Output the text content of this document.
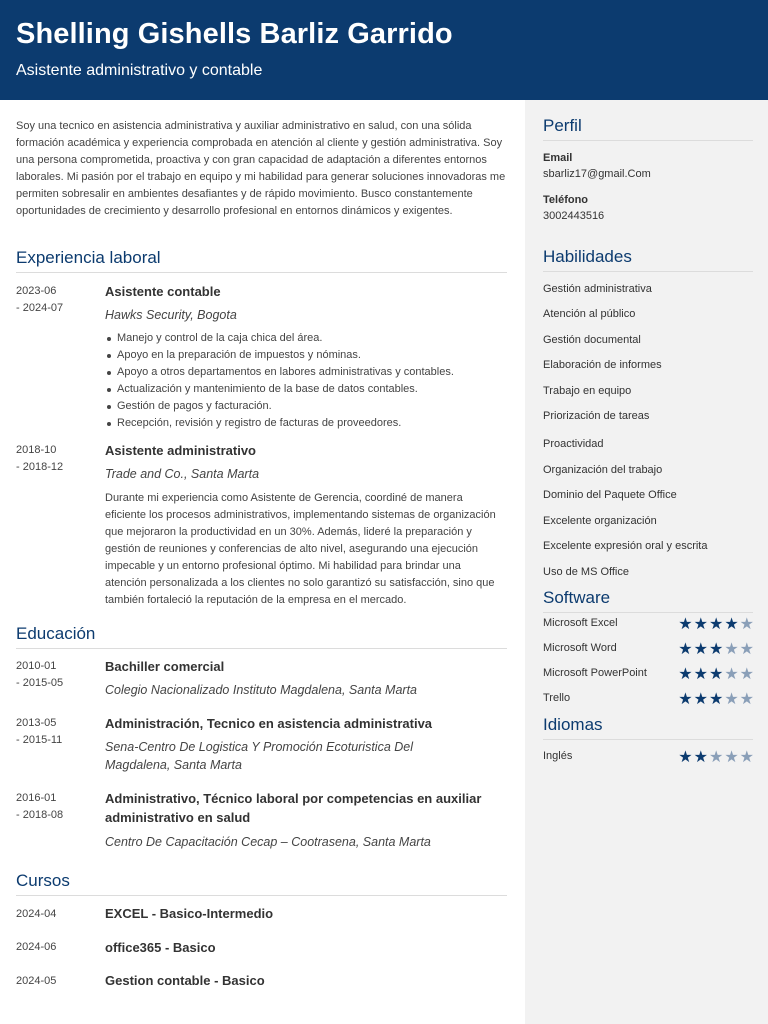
Shelling Gishells Barliz Garrido
Asistente administrativo y contable
Soy una tecnico en asistencia administrativa y auxiliar administrativo en salud, con una sólida formación académica y experiencia comprobada en atención al cliente y gestión administrativa. Soy una persona comprometida, proactiva y con gran capacidad de adaptación a diferentes entornos laborales. Mi pasión por el trabajo en equipo y mi habilidad para generar soluciones innovadoras me permiten sobresalir en ambientes desafiantes y de rápido movimiento. Busco constantemente oportunidades de crecimiento y desarrollo profesional en entornos dinámicos y exigentes.
Experiencia laboral
2023-06
- 2024-07
Asistente contable
Hawks Security, Bogota
Manejo y control de la caja chica del área.
Apoyo en la preparación de impuestos y nóminas.
Apoyo a otros departamentos en labores administrativas y contables.
Actualización y mantenimiento de la base de datos contables.
Gestión de pagos y facturación.
Recepción, revisión y registro de facturas de proveedores.
2018-10
- 2018-12
Asistente administrativo
Trade and Co., Santa Marta
Durante mi experiencia como Asistente de Gerencia, coordiné de manera eficiente los procesos administrativos, implementando sistemas de organización que mejoraron la productividad en un 30%. Además, lideré la preparación y gestión de reuniones y conferencias de alto nivel, asegurando una ejecución impecable y un entorno profesional óptimo. Mi habilidad para brindar una atención personalizada a los clientes no solo garantizó su satisfacción, sino que también fortaleció la reputación de la empresa en el mercado.
Educación
2010-01
- 2015-05
Bachiller comercial
Colegio Nacionalizado Instituto Magdalena, Santa Marta
2013-05
- 2015-11
Administración, Tecnico en asistencia administrativa
Sena-Centro De Logistica Y Promoción Ecoturistica Del Magdalena, Santa Marta
2016-01
- 2018-08
Administrativo, Técnico laboral por competencias en auxiliar administrativo en salud
Centro De Capacitación Cecap – Cootrasena, Santa Marta
Cursos
2024-04	EXCEL - Basico-Intermedio
2024-06	office365 - Basico
2024-05	Gestion contable - Basico
Perfil
Email
sbarliz17@gmail.Com
Teléfono
3002443516
Habilidades
Gestión administrativa
Atención al público
Gestión documental
Elaboración de informes
Trabajo en equipo
Priorización de tareas
Proactividad
Organización del trabajo
Dominio del Paquete Office
Excelente organización
Excelente expresión oral y escrita
Uso de MS Office
Software
Microsoft Excel	★★★★★
Microsoft Word	★★★★★
Microsoft PowerPoint ★★★★★
Trello	★★★★★
Idiomas
Inglés	★★★★★
